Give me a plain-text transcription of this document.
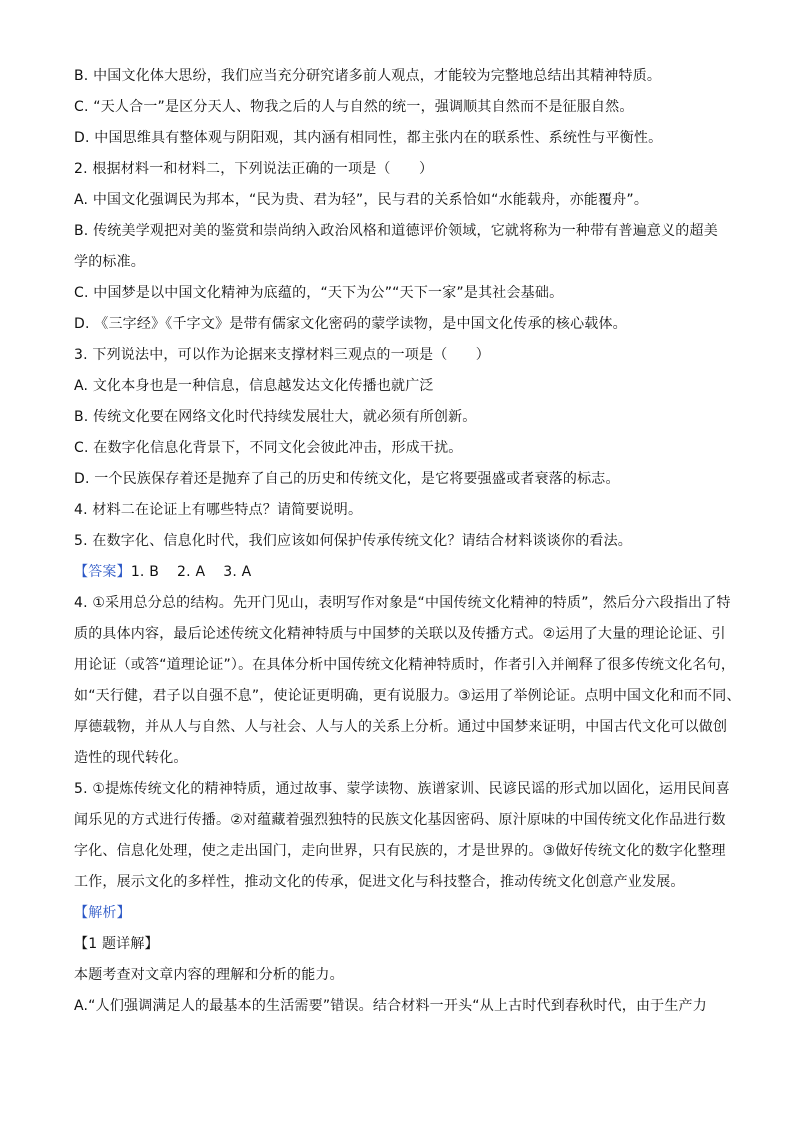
B. 中国文化体大思纷，我们应当充分研究诸多前人观点，才能较为完整地总结出其精神特质。
C. “天人合一”是区分天人、物我之后的人与自然的统一，强调顺其自然而不是征服自然。
D. 中国思维具有整体观与阴阳观，其内涵有相同性，都主张内在的联系性、系统性与平衡性。
2. 根据材料一和材料二，下列说法正确的一项是（　　）
A. 中国文化强调民为邦本，“民为贵、君为轻”，民与君的关系恰如“水能载舟，亦能覆舟”。
B. 传统美学观把对美的鉴赏和崇尚纳入政治风格和道德评价领域，它就将称为一种带有普遍意义的超美
学的标准。
C. 中国梦是以中国文化精神为底蕴的，“天下为公”“天下一家”是其社会基础。
D. 《三字经》《千字文》是带有儒家文化密码的蒙学读物，是中国文化传承的核心载体。
3. 下列说法中，可以作为论据来支撑材料三观点的一项是（　　）
A. 文化本身也是一种信息，信息越发达文化传播也就广泛
B. 传统文化要在网络文化时代持续发展壮大，就必须有所创新。
C. 在数字化信息化背景下，不同文化会彼此冲击，形成干扰。
D. 一个民族保存着还是抛弃了自己的历史和传统文化，是它将要强盛或者衰落的标志。
4. 材料二在论证上有哪些特点？请简要说明。
5. 在数字化、信息化时代，我们应该如何保护传承传统文化？请结合材料谈谈你的看法。
【答案】1. B 2. A 3. A
4. ①采用总分总的结构。先开门见山，表明写作对象是“中国传统文化精神的特质”，然后分六段指出了特
质的具体内容，最后论述传统文化精神特质与中国梦的关联以及传播方式。②运用了大量的理论论证、引
用论证（或答“道理论证”）。在具体分析中国传统文化精神特质时，作者引入并阐释了很多传统文化名句，
如“天行健，君子以自强不息”，使论证更明确，更有说服力。③运用了举例论证。点明中国文化和而不同、
厚德载物，并从人与自然、人与社会、人与人的关系上分析。通过中国梦来证明，中国古代文化可以做创
造性的现代转化。
5. ①提炼传统文化的精神特质，通过故事、蒙学读物、族谱家训、民谚民谣的形式加以固化，运用民间喜
闻乐见的方式进行传播。②对蕴藏着强烈独特的民族文化基因密码、原汁原味的中国传统文化作品进行数
字化、信息化处理，使之走出国门，走向世界，只有民族的，才是世界的。③做好传统文化的数字化整理
工作，展示文化的多样性，推动文化的传承，促进文化与科技整合，推动传统文化创意产业发展。
【解析】
【1 题详解】
本题考查对文章内容的理解和分析的能力。
A.“人们强调满足人的最基本的生活需要”错误。结合材料一开头“从上古时代到春秋时代，由于生产力
